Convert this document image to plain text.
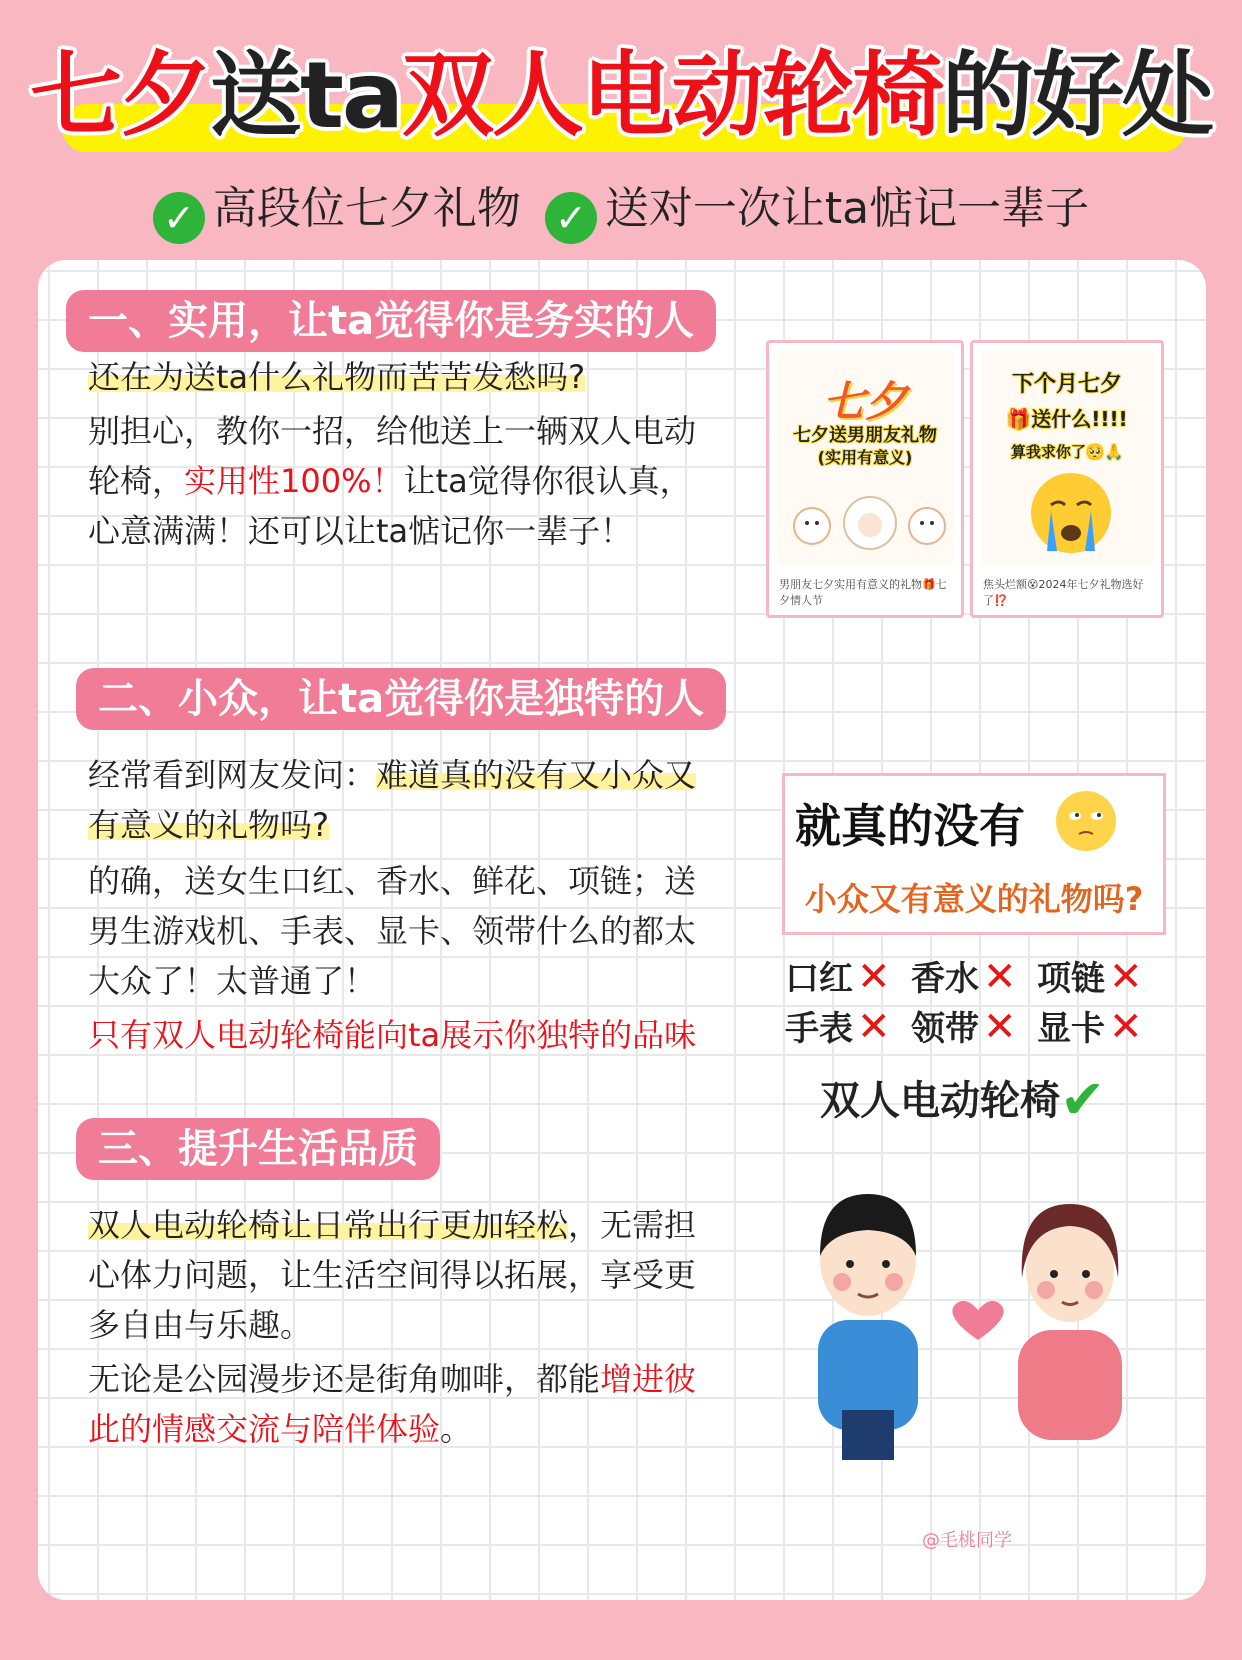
七夕送ta双人电动轮椅的好处
✓ 高段位七夕礼物 ✓ 送对一次让ta惦记一辈子
一、实用，让ta觉得你是务实的人
还在为送ta什么礼物而苦苦发愁吗?
别担心，教你一招，给他送上一辆双人电动轮椅，实用性100%！让ta觉得你很认真，心意满满！还可以让ta惦记你一辈子！
七夕
七夕送男朋友礼物
(实用有意义)
男朋友七夕实用有意义的礼物🎁七夕情人节
下个月七夕
🎁送什么!!!!
算我求你了🥺🙏
焦头烂额😵2024年七夕礼物选好了⁉️
二、小众，让ta觉得你是独特的人
经常看到网友发问：难道真的没有又小众又有意义的礼物吗?
的确，送女生口红、香水、鲜花、项链；送男生游戏机、手表、显卡、领带什么的都太大众了！太普通了！
只有双人电动轮椅能向ta展示你独特的品味
三、提升生活品质
双人电动轮椅让日常出行更加轻松，无需担心体力问题，让生活空间得以拓展，享受更多自由与乐趣。
无论是公园漫步还是街角咖啡，都能增进彼此的情感交流与陪伴体验。
就真的没有
小众又有意义的礼物吗?
口红 ✕ 香水 ✕ 项链 ✕
手表 ✕ 领带 ✕ 显卡 ✕
双人电动轮椅✔
@毛桃同学
